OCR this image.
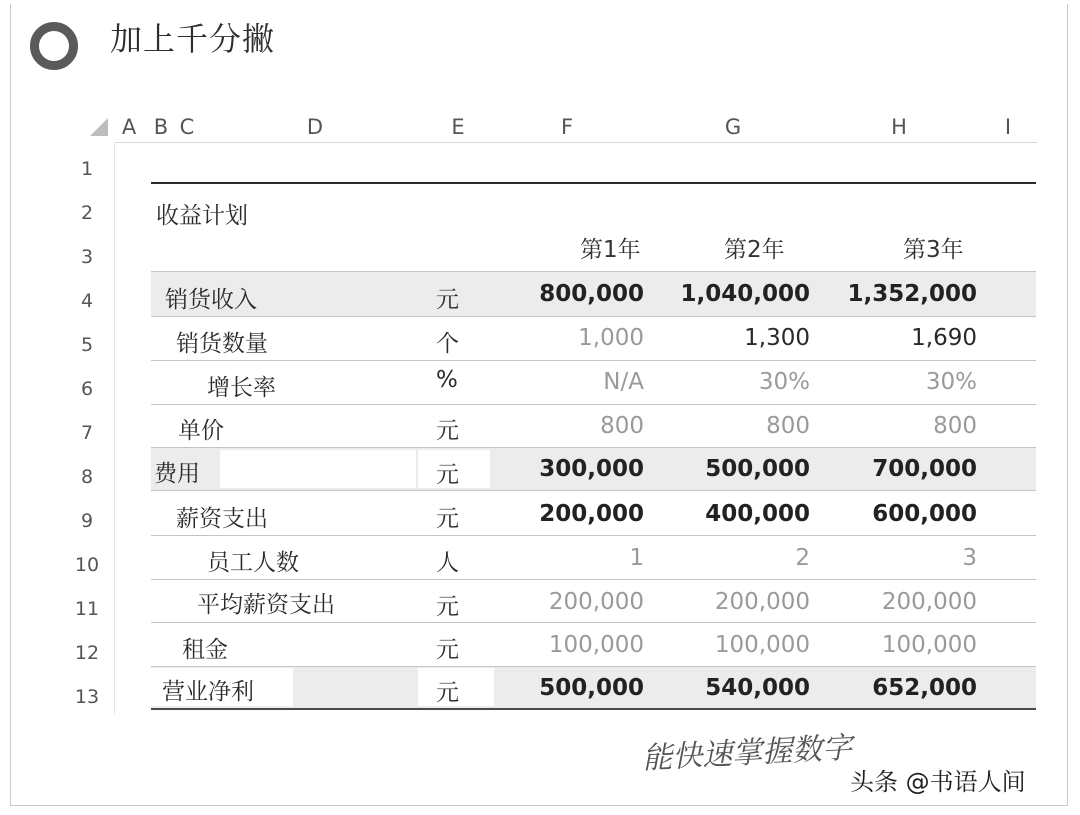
加上千分撇
A B C	D	E	F	G	H	I
1
2
3
4
5
6
7
8
9
10
11
12
13
收益计划
第1年	第2年	第3年
销货收入	元	800,000	1,040,000	1,352,000
销货数量	个	1,000	1,300	1,690
增长率	%	N/A	30%	30%
单价	元	800	800	800
费用	元	300,000	500,000	700,000
薪资支出	元	200,000	400,000	600,000
员工人数	人	1	2	3
平均薪资支出	元	200,000	200,000	200,000
租金	元	100,000	100,000	100,000
营业净利	元	500,000	540,000	652,000
能快速掌握数字
头条 @书语人间
